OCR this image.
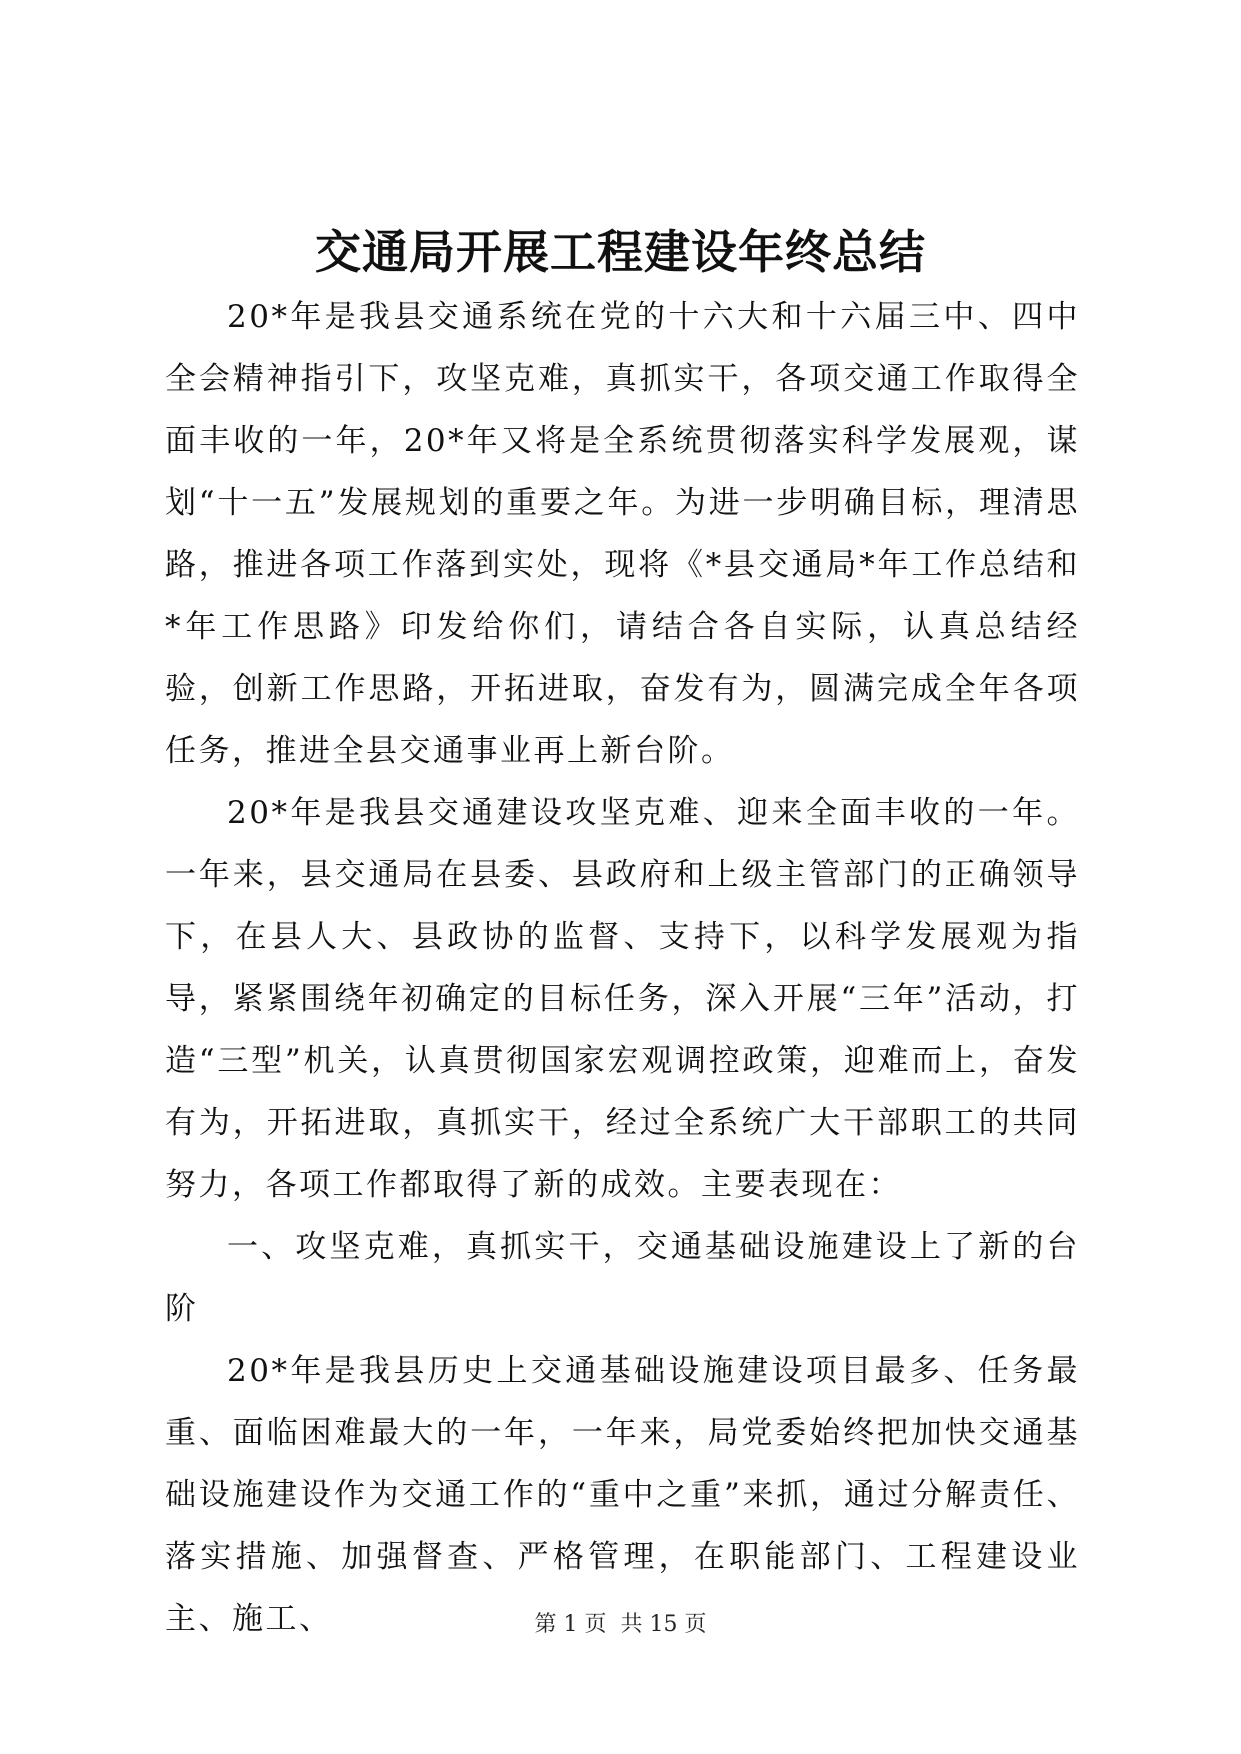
交通局开展工程建设年终总结

20*年是我县交通系统在党的十六大和十六届三中、四中全会精神指引下，攻坚克难，真抓实干，各项交通工作取得全面丰收的一年，20*年又将是全系统贯彻落实科学发展观，谋划“十一五”发展规划的重要之年。为进一步明确目标，理清思路，推进各项工作落到实处，现将《*县交通局*年工作总结和*年工作思路》印发给你们，请结合各自实际，认真总结经验，创新工作思路，开拓进取，奋发有为，圆满完成全年各项任务，推进全县交通事业再上新台阶。

20*年是我县交通建设攻坚克难、迎来全面丰收的一年。一年来，县交通局在县委、县政府和上级主管部门的正确领导下，在县人大、县政协的监督、支持下，以科学发展观为指导，紧紧围绕年初确定的目标任务，深入开展“三年”活动，打造“三型”机关，认真贯彻国家宏观调控政策，迎难而上，奋发有为，开拓进取，真抓实干，经过全系统广大干部职工的共同努力，各项工作都取得了新的成效。主要表现在：

一、攻坚克难，真抓实干，交通基础设施建设上了新的台阶

20*年是我县历史上交通基础设施建设项目最多、任务最重、面临困难最大的一年，一年来，局党委始终把加快交通基础设施建设作为交通工作的“重中之重”来抓，通过分解责任、落实措施、加强督查、严格管理，在职能部门、工程建设业主、施工、	第 1 页  共 15 页
